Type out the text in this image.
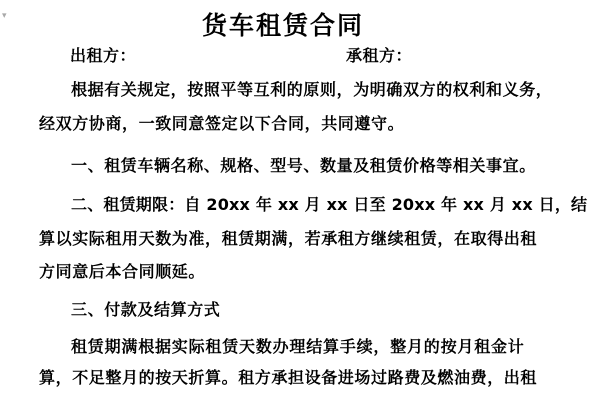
▾	货车租赁合同
出租方：	承租方：
根据有关规定，按照平等互利的原则，为明确双方的权利和义务，
经双方协商，一致同意签定以下合同，共同遵守。
一、租赁车辆名称、规格、型号、数量及租赁价格等相关事宜。
二、租赁期限：自 20xx 年 xx 月 xx 日至 20xx 年 xx 月 xx 日，结
算以实际租用天数为准，租赁期满，若承租方继续租赁，在取得出租
方同意后本合同顺延。
三、付款及结算方式
租赁期满根据实际租赁天数办理结算手续，整月的按月租金计
算，不足整月的按天折算。租方承担设备进场过路费及燃油费，出租
